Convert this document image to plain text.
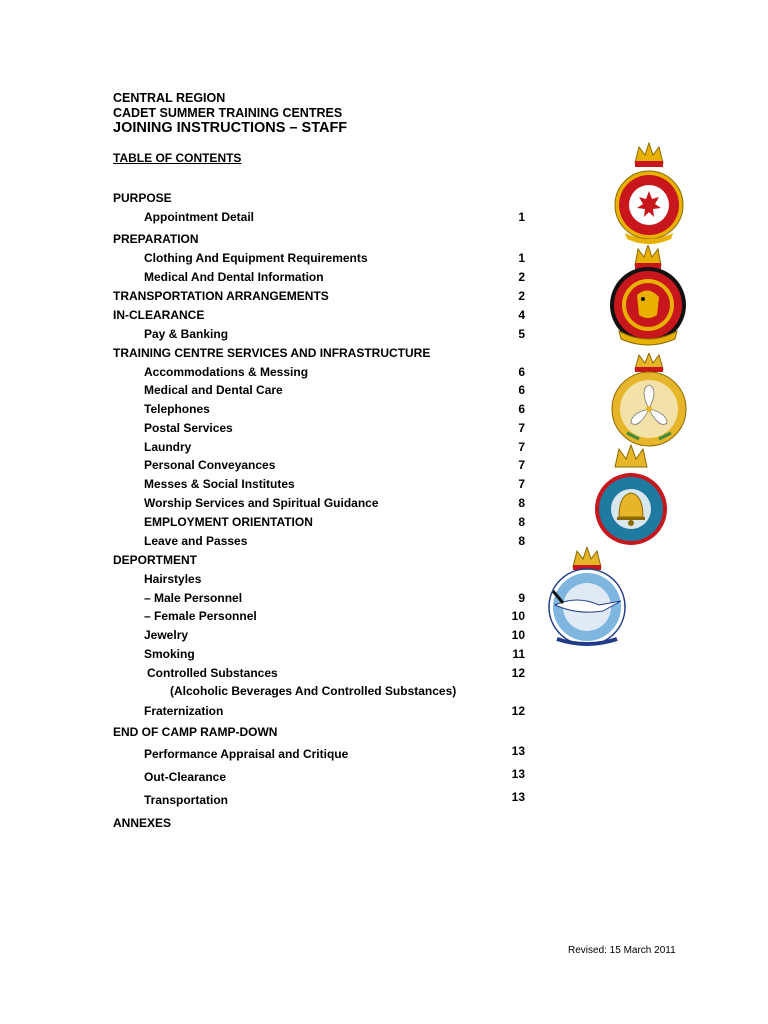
CENTRAL REGION
CADET SUMMER TRAINING CENTRES
JOINING INSTRUCTIONS – STAFF
TABLE OF CONTENTS
PURPOSE
Appointment Detail	1
PREPARATION
Clothing And Equipment Requirements	1
Medical And Dental Information	2
TRANSPORTATION ARRANGEMENTS	2
IN-CLEARANCE	4
Pay & Banking	5
TRAINING CENTRE SERVICES AND INFRASTRUCTURE
Accommodations & Messing	6
Medical and Dental Care	6
Telephones	6
Postal Services	7
Laundry	7
Personal Conveyances	7
Messes & Social Institutes	7
Worship Services and Spiritual Guidance	8
EMPLOYMENT ORIENTATION	8
Leave and Passes	8
DEPORTMENT
Hairstyles
– Male Personnel	9
– Female Personnel	10
Jewelry	10
Smoking	11
Controlled Substances	12
(Alcoholic Beverages And Controlled Substances)
Fraternization	12
END OF CAMP RAMP-DOWN
Performance Appraisal and Critique	13
Out-Clearance	13
Transportation	13
ANNEXES
Revised: 15 March 2011
